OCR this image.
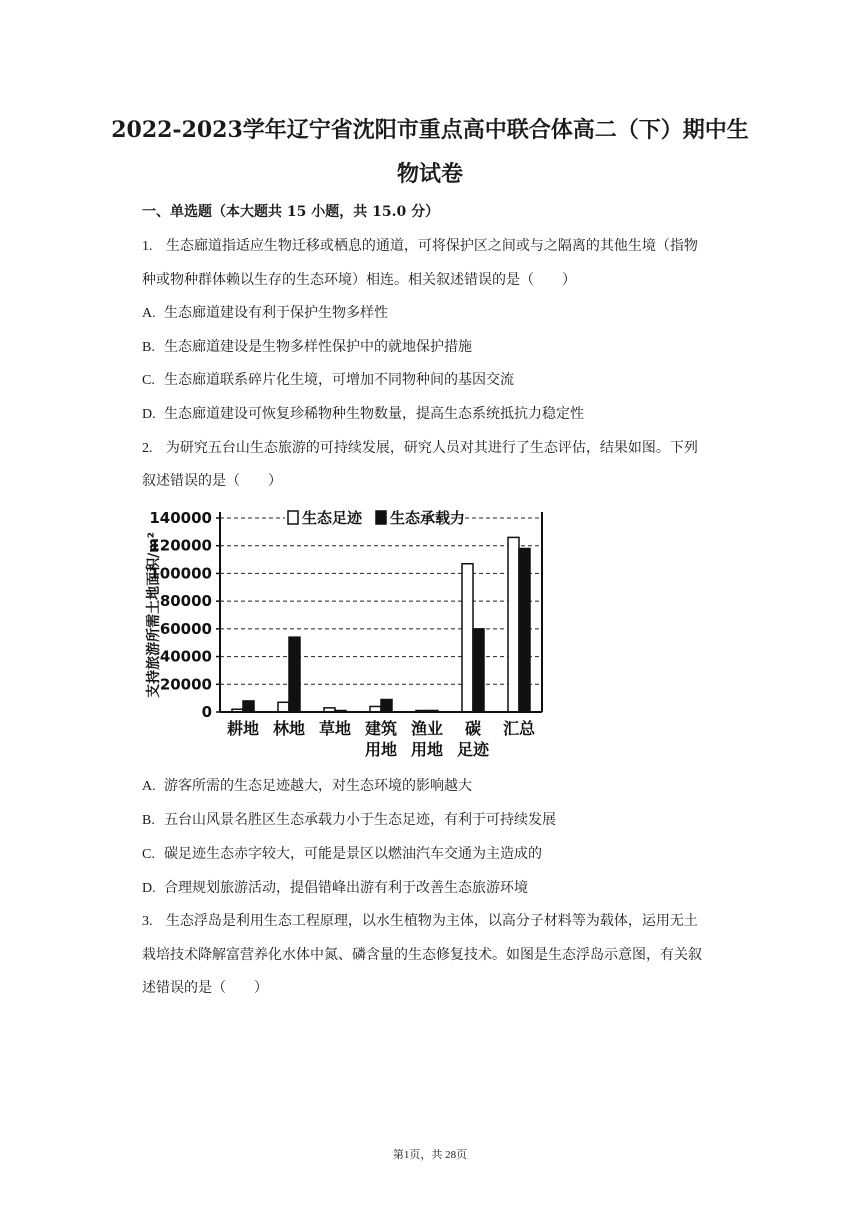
2022-2023学年辽宁省沈阳市重点高中联合体高二（下）期中生
物试卷
一、单选题（本大题共 15 小题，共 15.0 分）
1. 生态廊道指适应生物迁移或栖息的通道，可将保护区之间或与之隔离的其他生境（指物
种或物种群体赖以生存的生态环境）相连。相关叙述错误的是（　　）
A. 生态廊道建设有利于保护生物多样性
B. 生态廊道建设是生物多样性保护中的就地保护措施
C. 生态廊道联系碎片化生境，可增加不同物种间的基因交流
D. 生态廊道建设可恢复珍稀物种生物数量，提高生态系统抵抗力稳定性
2. 为研究五台山生态旅游的可持续发展，研究人员对其进行了生态评估，结果如图。下列
叙述错误的是（　　）
0
20000
40000
60000
80000
100000
120000
140000
支持旅游所需土地面积/m²
耕地 林地 草地 建筑
用地
渔业
用地
碳
足迹
汇总
生态足迹 生态承载力
A. 游客所需的生态足迹越大，对生态环境的影响越大
B. 五台山风景名胜区生态承载力小于生态足迹，有利于可持续发展
C. 碳足迹生态赤字较大，可能是景区以燃油汽车交通为主造成的
D. 合理规划旅游活动，提倡错峰出游有利于改善生态旅游环境
3. 生态浮岛是利用生态工程原理，以水生植物为主体，以高分子材料等为载体，运用无土
栽培技术降解富营养化水体中氮、磷含量的生态修复技术。如图是生态浮岛示意图，有关叙
述错误的是（　　）
第1页，共 28页
